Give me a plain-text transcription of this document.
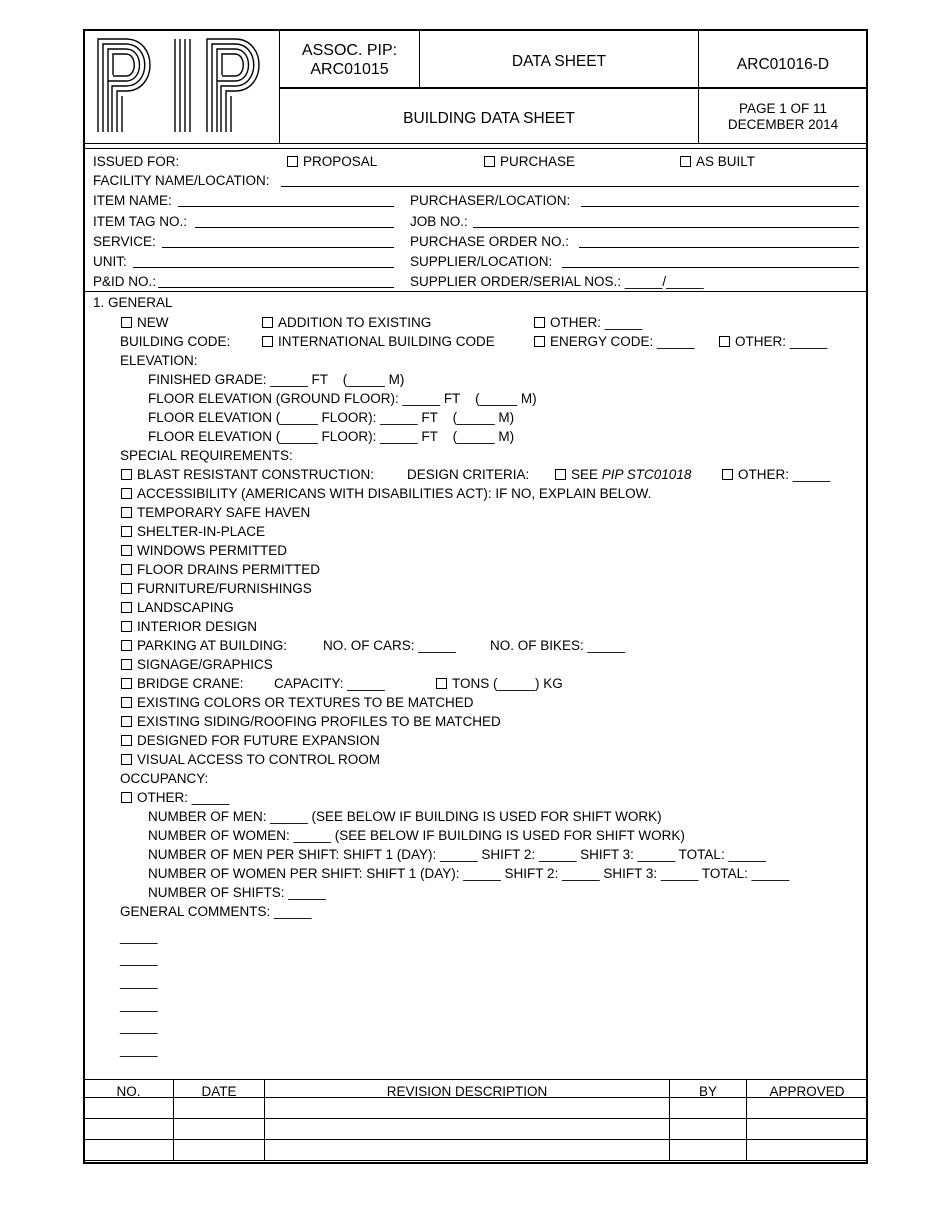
ASSOC. PIP:
ARC01015	DATA SHEET	ARC01016-D
BUILDING DATA SHEET
PAGE 1 OF 11
DECEMBER 2014
ISSUED FOR:	PROPOSAL	PURCHASE	AS BUILT
FACILITY NAME/LOCATION:
ITEM NAME:	PURCHASER/LOCATION:
ITEM TAG NO.:	JOB NO.:
SERVICE:	PURCHASE ORDER NO.:
UNIT:	SUPPLIER/LOCATION:
P&ID NO.:	SUPPLIER ORDER/SERIAL NOS.: _____/_____
1. GENERAL
NEW	ADDITION TO EXISTING	OTHER: _____
BUILDING CODE:	INTERNATIONAL BUILDING CODE	ENERGY CODE: _____	OTHER: _____
ELEVATION:
FINISHED GRADE: _____ FT    (_____ M)
FLOOR ELEVATION (GROUND FLOOR): _____ FT    (_____ M)
FLOOR ELEVATION (_____ FLOOR): _____ FT    (_____ M)
FLOOR ELEVATION (_____ FLOOR): _____ FT    (_____ M)
SPECIAL REQUIREMENTS:
BLAST RESISTANT CONSTRUCTION: DESIGN CRITERIA:	SEE PIP STC01018	OTHER: _____
ACCESSIBILITY (AMERICANS WITH DISABILITIES ACT): IF NO, EXPLAIN BELOW.
TEMPORARY SAFE HAVEN
SHELTER-IN-PLACE
WINDOWS PERMITTED
FLOOR DRAINS PERMITTED
FURNITURE/FURNISHINGS
LANDSCAPING
INTERIOR DESIGN
PARKING AT BUILDING:	NO. OF CARS: _____	NO. OF BIKES: _____
SIGNAGE/GRAPHICS
BRIDGE CRANE: CAPACITY: _____	TONS (_____) KG
EXISTING COLORS OR TEXTURES TO BE MATCHED
EXISTING SIDING/ROOFING PROFILES TO BE MATCHED
DESIGNED FOR FUTURE EXPANSION
VISUAL ACCESS TO CONTROL ROOM
OCCUPANCY:
OTHER: _____
NUMBER OF MEN: _____ (SEE BELOW IF BUILDING IS USED FOR SHIFT WORK)
NUMBER OF WOMEN: _____ (SEE BELOW IF BUILDING IS USED FOR SHIFT WORK)
NUMBER OF MEN PER SHIFT: SHIFT 1 (DAY): _____ SHIFT 2: _____ SHIFT 3: _____ TOTAL: _____
NUMBER OF WOMEN PER SHIFT: SHIFT 1 (DAY): _____ SHIFT 2: _____ SHIFT 3: _____ TOTAL: _____
NUMBER OF SHIFTS: _____
GENERAL COMMENTS: _____
_____
_____
_____
_____
_____
_____
NO.	DATE	REVISION DESCRIPTION	BY	APPROVED
